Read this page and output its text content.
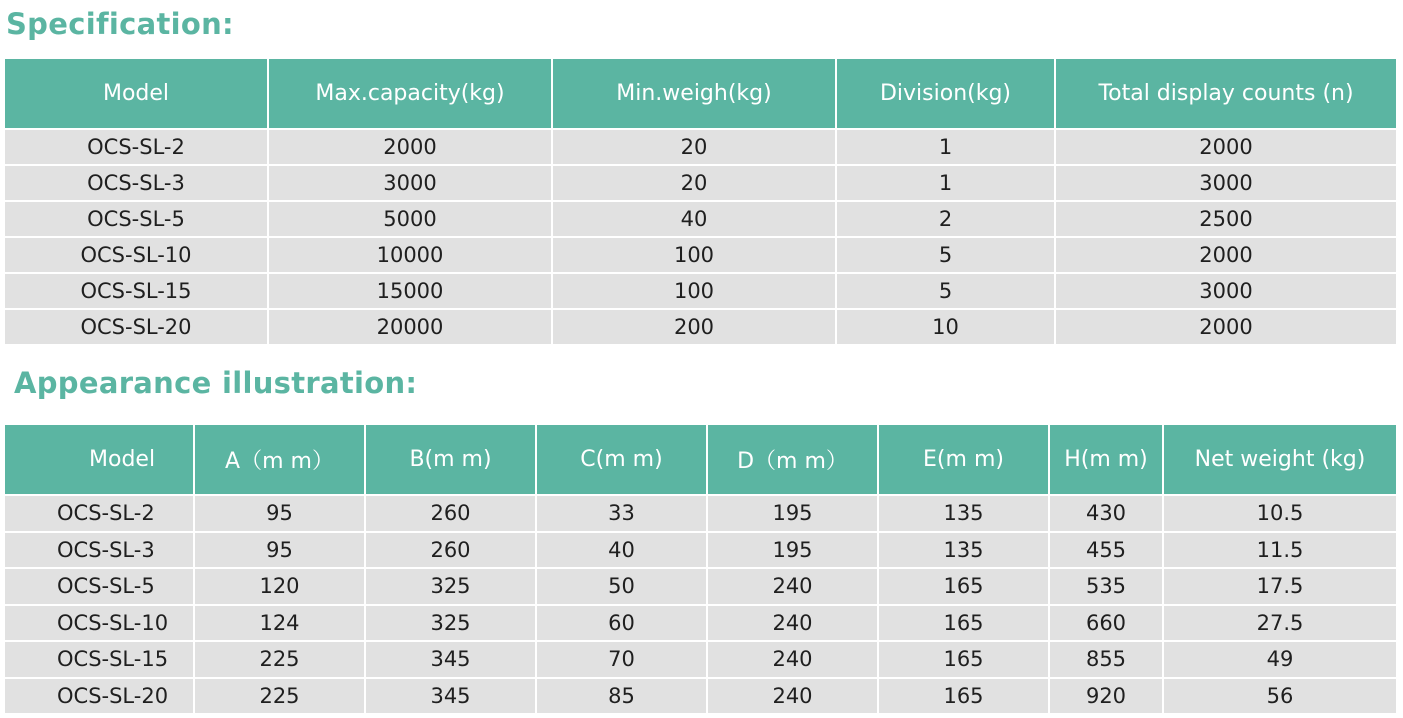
Specification:
Model	Max.capacity(kg)	Min.weigh(kg)	Division(kg)	Total display counts (n)
OCS-SL-2	2000	20	1	2000
OCS-SL-3	3000	20	1	3000
OCS-SL-5	5000	40	2	2500
OCS-SL-10	10000	100	5	2000
OCS-SL-15	15000	100	5	3000
OCS-SL-20	20000	200	10	2000
Appearance illustration:
Model	A（m m）	B(m m)	C(m m)	D（m m）	E(m m)	H(m m)	Net weight (kg)
OCS-SL-2	95	260	33	195	135	430	10.5
OCS-SL-3	95	260	40	195	135	455	11.5
OCS-SL-5	120	325	50	240	165	535	17.5
OCS-SL-10	124	325	60	240	165	660	27.5
OCS-SL-15	225	345	70	240	165	855	49
OCS-SL-20	225	345	85	240	165	920	56
